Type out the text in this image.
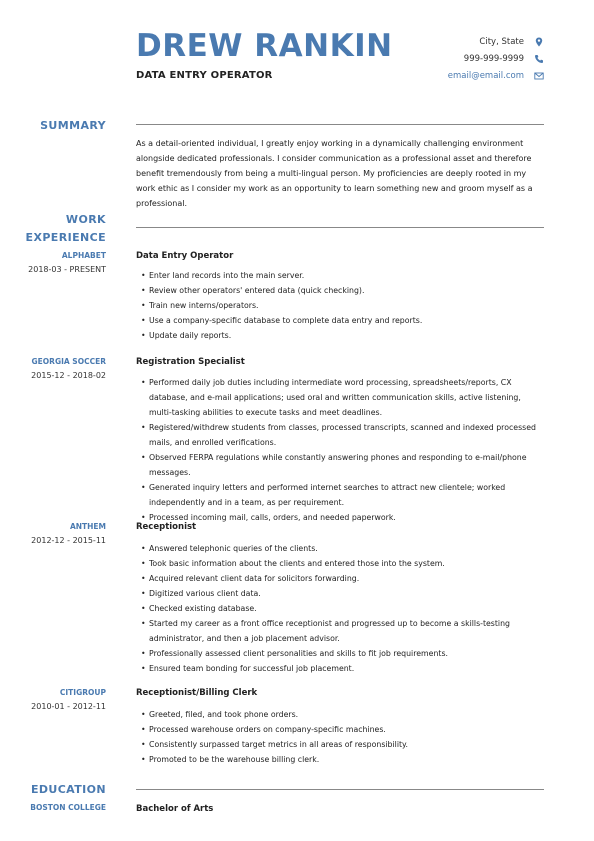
DREW RANKIN
DATA ENTRY OPERATOR
City, State
999-999-9999
email@email.com
SUMMARY
As a detail-oriented individual, I greatly enjoy working in a dynamically challenging environment alongside dedicated professionals. I consider communication as a professional asset and therefore benefit tremendously from being a multi-lingual person. My proficiencies are deeply rooted in my work ethic as I consider my work as an opportunity to learn something new and groom myself as a professional.
WORK
EXPERIENCE
ALPHABET
2018-03 - PRESENT
Data Entry Operator
• Enter land records into the main server.
• Review other operators' entered data (quick checking).
• Train new interns/operators.
• Use a company-specific database to complete data entry and reports.
• Update daily reports.
GEORGIA SOCCER
2015-12 - 2018-02
Registration Specialist
• Performed daily job duties including intermediate word processing, spreadsheets/reports, CX database, and e-mail applications; used oral and written communication skills, active listening, multi-tasking abilities to execute tasks and meet deadlines.
• Registered/withdrew students from classes, processed transcripts, scanned and indexed processed mails, and enrolled verifications.
• Observed FERPA regulations while constantly answering phones and responding to e-mail/phone messages.
• Generated inquiry letters and performed internet searches to attract new clientele; worked independently and in a team, as per requirement.
• Processed incoming mail, calls, orders, and needed paperwork.
ANTHEM
2012-12 - 2015-11
Receptionist
• Answered telephonic queries of the clients.
• Took basic information about the clients and entered those into the system.
• Acquired relevant client data for solicitors forwarding.
• Digitized various client data.
• Checked existing database.
• Started my career as a front office receptionist and progressed up to become a skills-testing administrator, and then a job placement advisor.
• Professionally assessed client personalities and skills to fit job requirements.
• Ensured team bonding for successful job placement.
CITIGROUP
2010-01 - 2012-11
Receptionist/Billing Clerk
• Greeted, filed, and took phone orders.
• Processed warehouse orders on company-specific machines.
• Consistently surpassed target metrics in all areas of responsibility.
• Promoted to be the warehouse billing clerk.
EDUCATION
BOSTON COLLEGE	Bachelor of Arts
